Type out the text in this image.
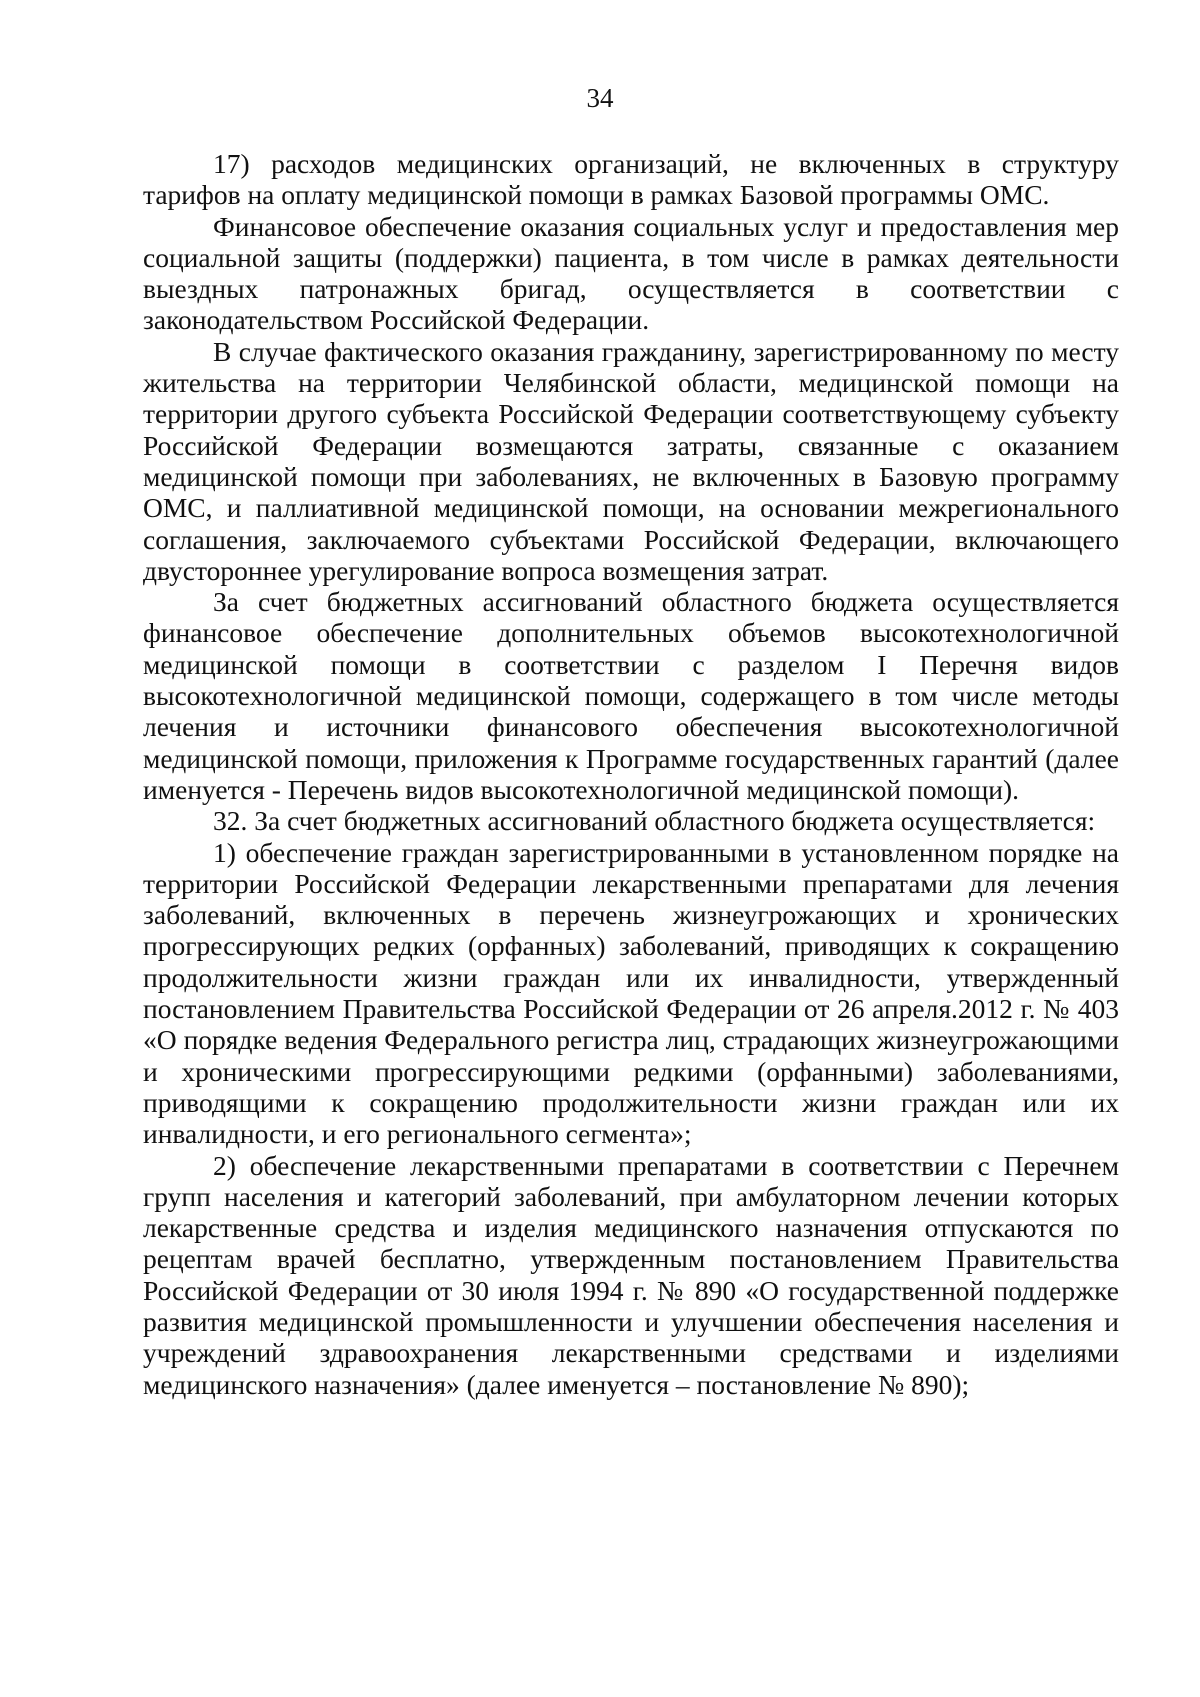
34

17) расходов медицинских организаций, не включенных в структуру тарифов на оплату медицинской помощи в рамках Базовой программы ОМС.

Финансовое обеспечение оказания социальных услуг и предоставления мер социальной защиты (поддержки) пациента, в том числе в рамках деятельности выездных патронажных бригад, осуществляется в соответствии с законодательством Российской Федерации.

В случае фактического оказания гражданину, зарегистрированному по месту жительства на территории Челябинской области, медицинской помощи на территории другого субъекта Российской Федерации соответствующему субъекту Российской Федерации возмещаются затраты, связанные с оказанием медицинской помощи при заболеваниях, не включенных в Базовую программу ОМС, и паллиативной медицинской помощи, на основании межрегионального соглашения, заключаемого субъектами Российской Федерации, включающего двустороннее урегулирование вопроса возмещения затрат.

За счет бюджетных ассигнований областного бюджета осуществляется финансовое обеспечение дополнительных объемов высокотехнологичной медицинской помощи в соответствии с разделом I Перечня видов высокотехнологичной медицинской помощи, содержащего в том числе методы лечения и источники финансового обеспечения высокотехнологичной медицинской помощи, приложения к Программе государственных гарантий (далее именуется - Перечень видов высокотехнологичной медицинской помощи).

32. За счет бюджетных ассигнований областного бюджета осуществляется:

1) обеспечение граждан зарегистрированными в установленном порядке на территории Российской Федерации лекарственными препаратами для лечения заболеваний, включенных в перечень жизнеугрожающих и хронических прогрессирующих редких (орфанных) заболеваний, приводящих к сокращению продолжительности жизни граждан или их инвалидности, утвержденный постановлением Правительства Российской Федерации от 26 апреля.2012 г. № 403 «О порядке ведения Федерального регистра лиц, страдающих жизнеугрожающими и хроническими прогрессирующими редкими (орфанными) заболеваниями, приводящими к сокращению продолжительности жизни граждан или их инвалидности, и его регионального сегмента»;

2) обеспечение лекарственными препаратами в соответствии с Перечнем групп населения и категорий заболеваний, при амбулаторном лечении которых лекарственные средства и изделия медицинского назначения отпускаются по рецептам врачей бесплатно, утвержденным постановлением Правительства Российской Федерации от 30 июля 1994 г. № 890 «О государственной поддержке развития медицинской промышленности и улучшении обеспечения населения и учреждений здравоохранения лекарственными средствами и изделиями медицинского назначения» (далее именуется – постановление № 890);
